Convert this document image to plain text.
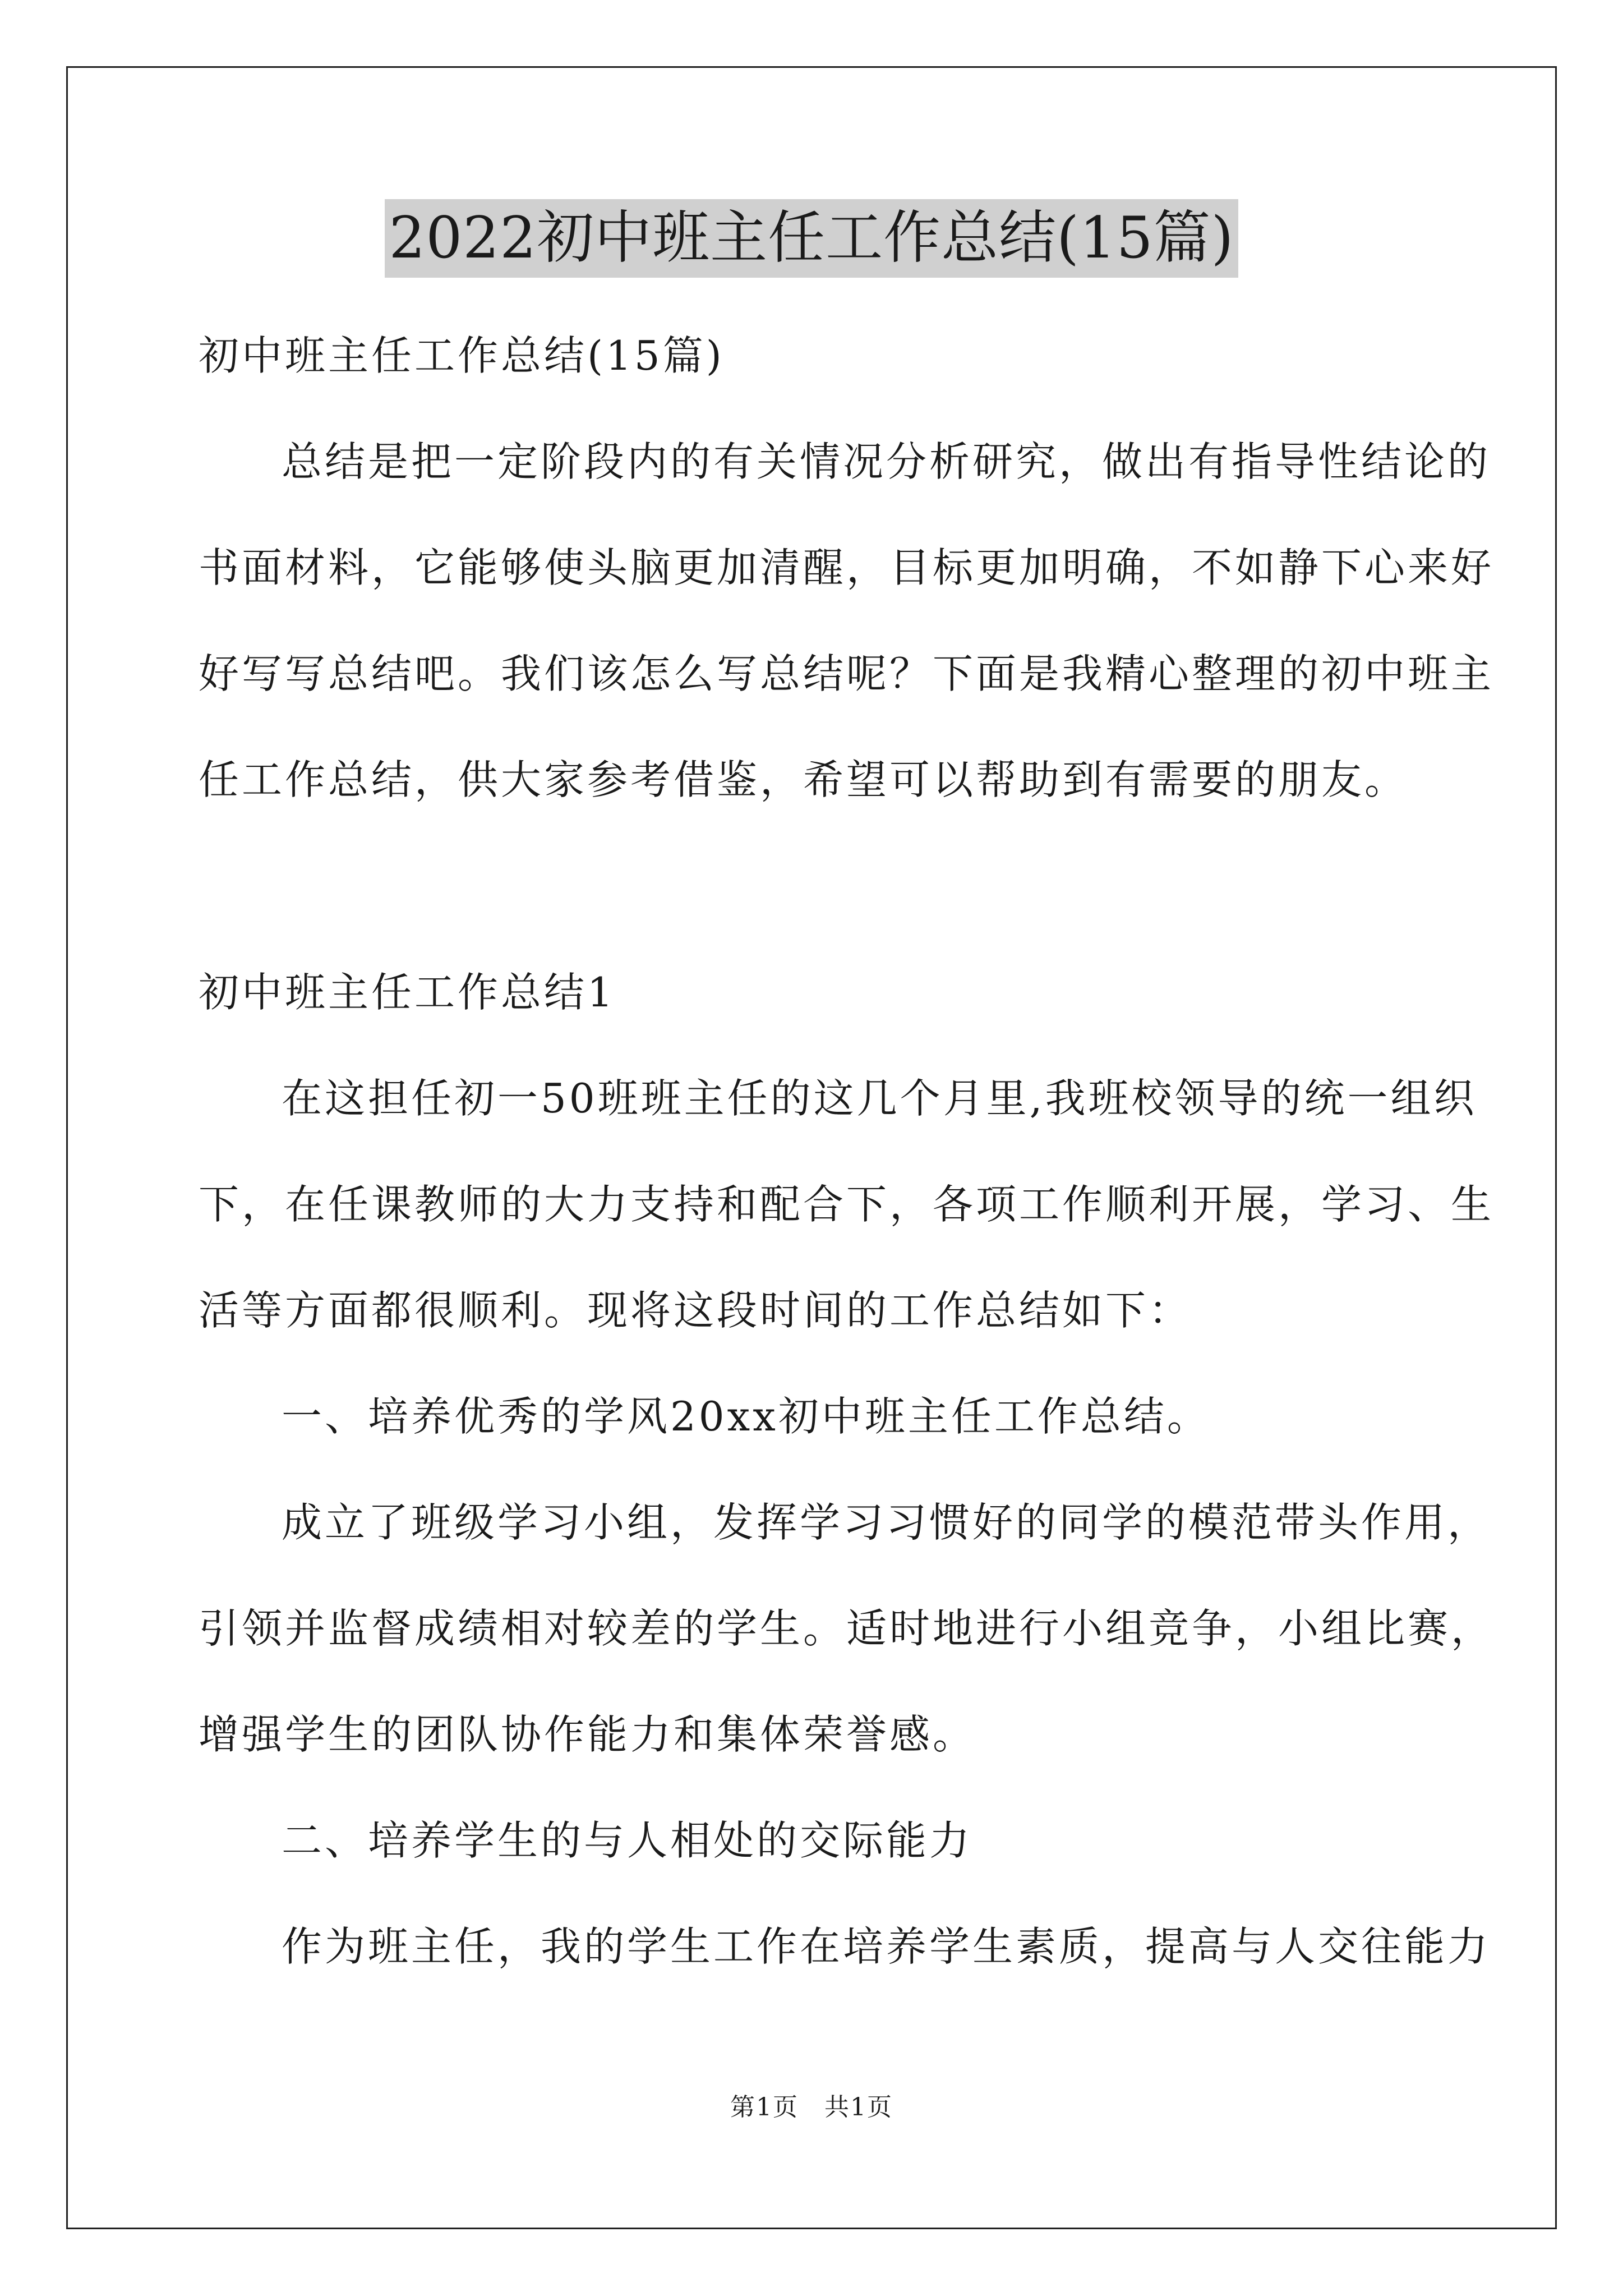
2022初中班主任工作总结(15篇)
初中班主任工作总结(15篇)
总结是把一定阶段内的有关情况分析研究，做出有指导性结论的
书面材料，它能够使头脑更加清醒，目标更加明确，不如静下心来好
好写写总结吧。我们该怎么写总结呢？下面是我精心整理的初中班主
任工作总结，供大家参考借鉴，希望可以帮助到有需要的朋友。
初中班主任工作总结1
在这担任初一50班班主任的这几个月里,我班校领导的统一组织
下，在任课教师的大力支持和配合下，各项工作顺利开展，学习、生
活等方面都很顺利。现将这段时间的工作总结如下：
一、培养优秀的学风20xx初中班主任工作总结。
成立了班级学习小组，发挥学习习惯好的同学的模范带头作用，
引领并监督成绩相对较差的学生。适时地进行小组竞争，小组比赛，
增强学生的团队协作能力和集体荣誉感。
二、培养学生的与人相处的交际能力
作为班主任，我的学生工作在培养学生素质，提高与人交往能力
第1页　共1页
